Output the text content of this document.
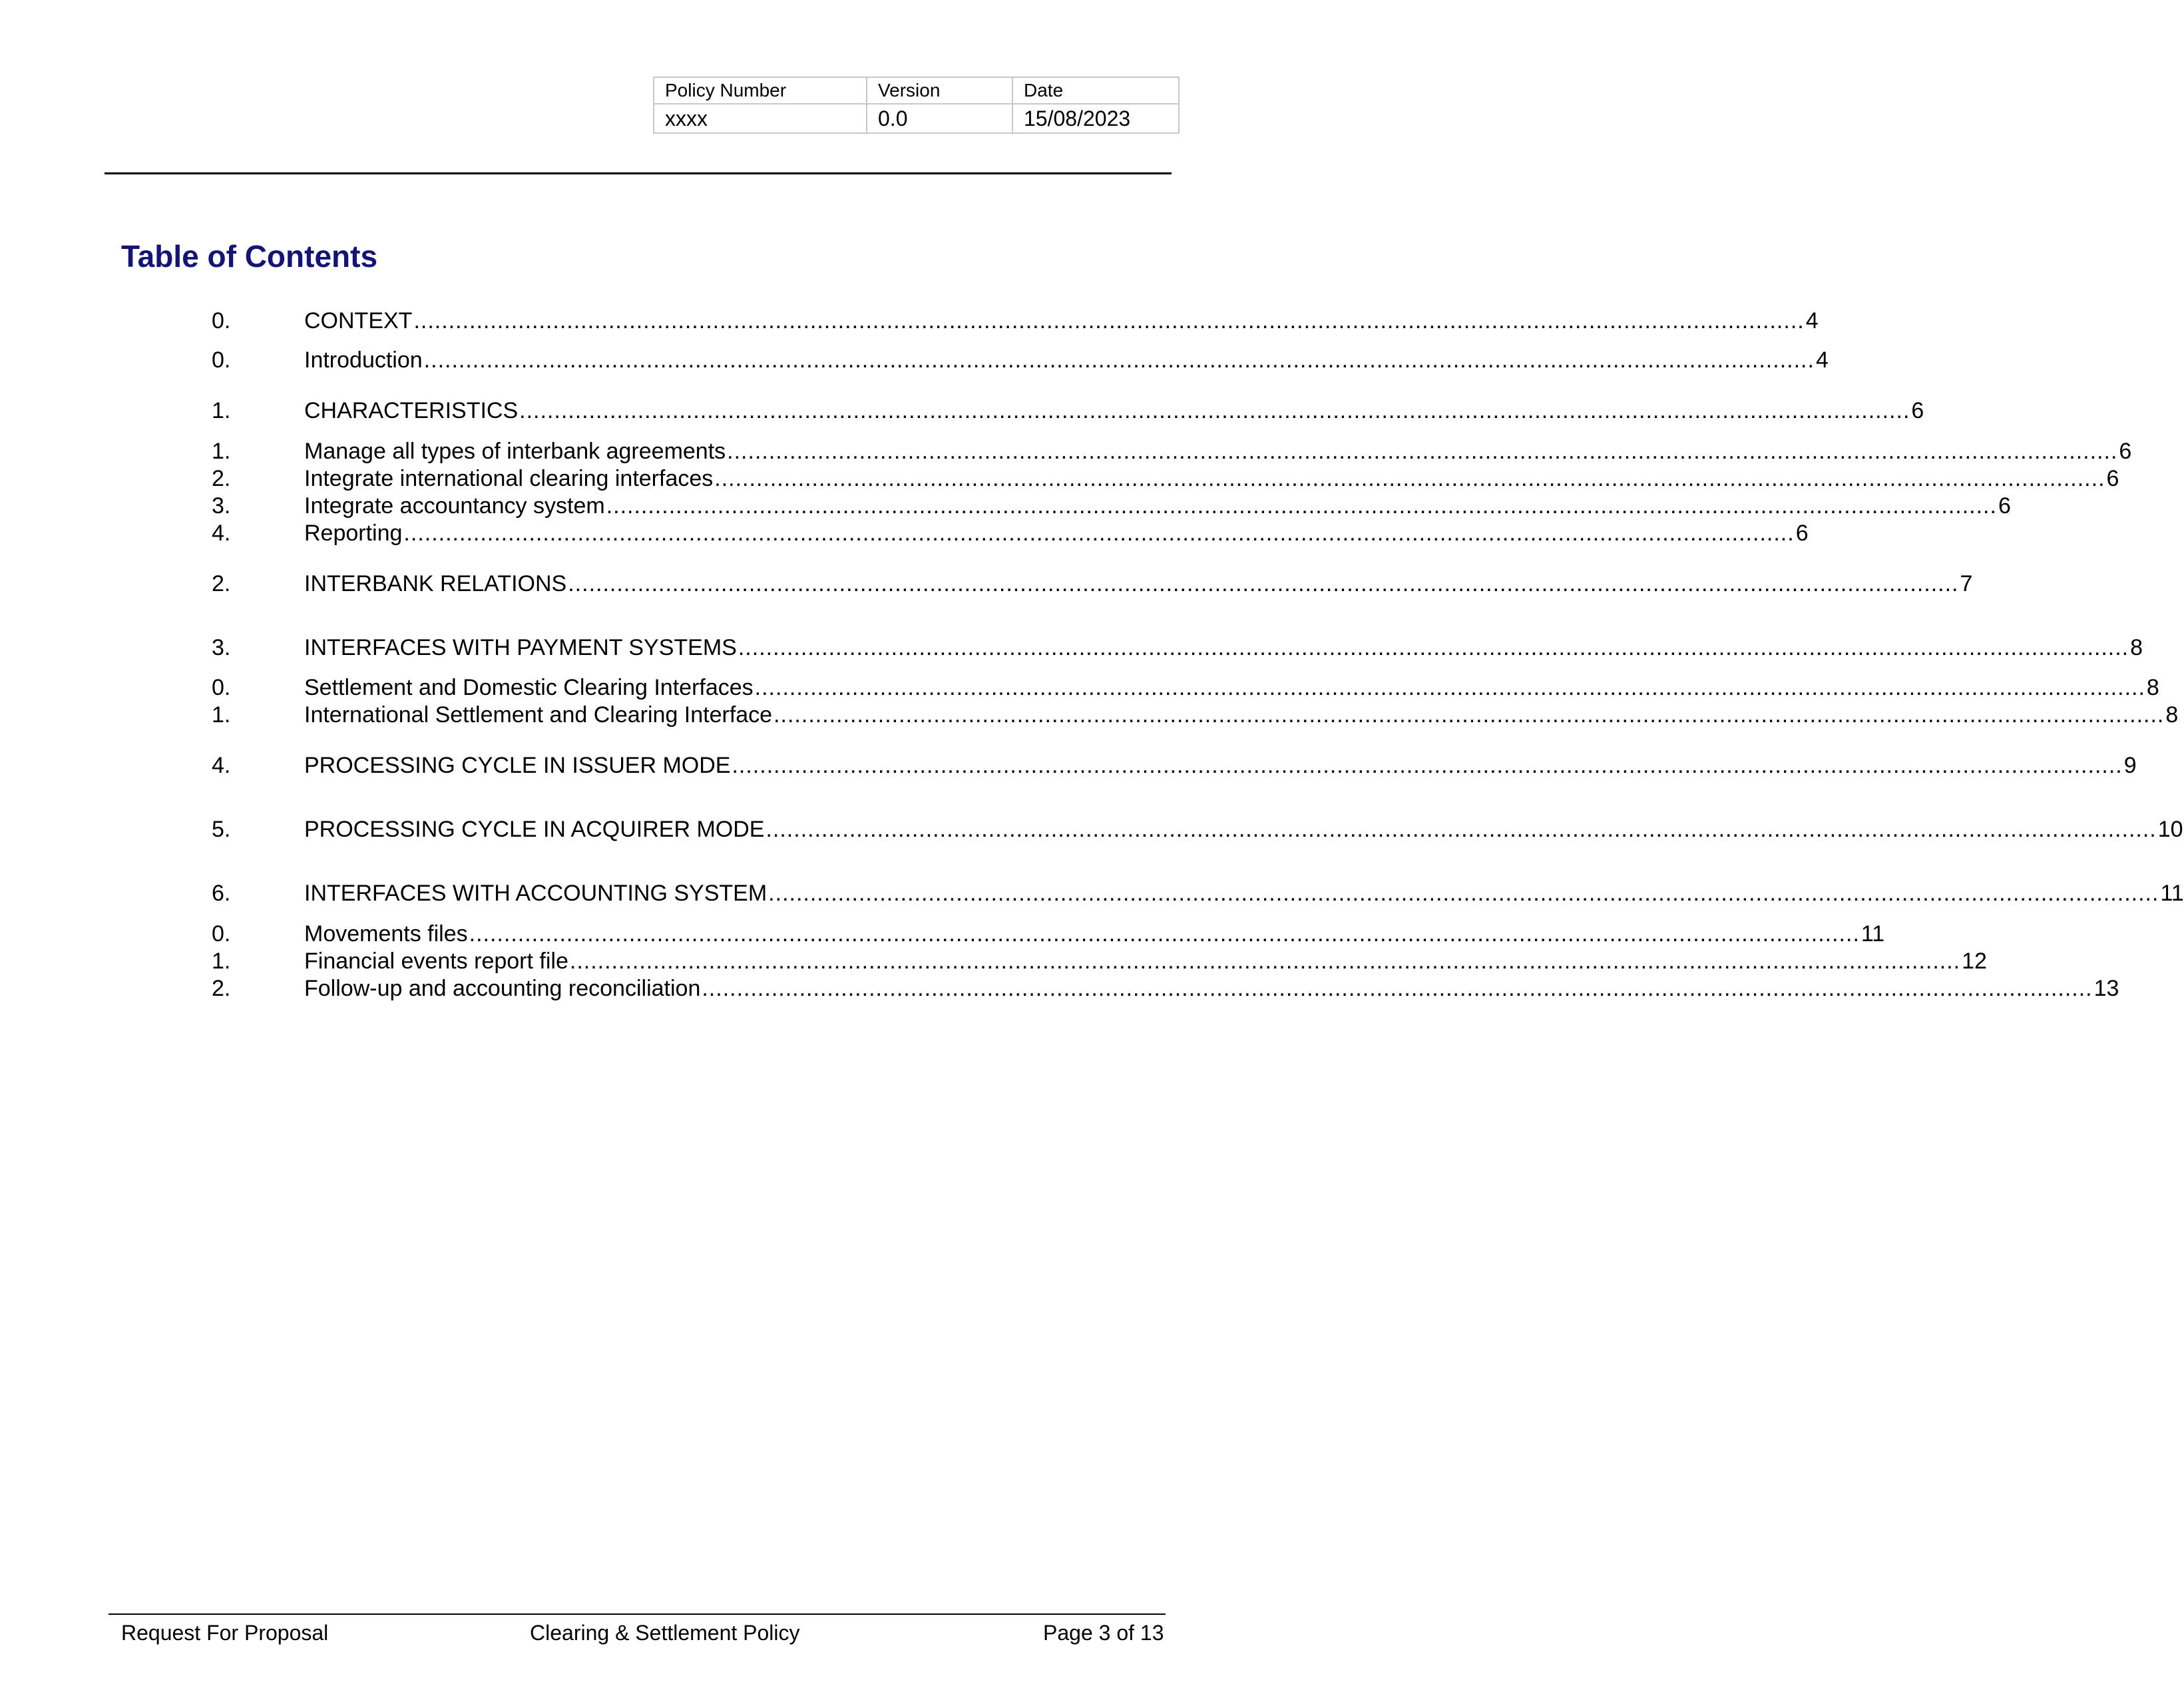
Policy Number	Version	Date
xxxx	0.0	15/08/2023
Table of Contents
0.	CONTEXT ........................................................................................................................................................................................................ 4
0.	Introduction ........................................................................................................................................................................................................ 4
1.	CHARACTERISTICS ........................................................................................................................................................................................................ 6
1.	Manage all types of interbank agreements ........................................................................................................................................................................................................ 6
2.	Integrate international clearing interfaces ........................................................................................................................................................................................................ 6
3.	Integrate accountancy system ........................................................................................................................................................................................................ 6
4.	Reporting ........................................................................................................................................................................................................ 6
2.	INTERBANK RELATIONS ........................................................................................................................................................................................................ 7
3.	INTERFACES WITH PAYMENT SYSTEMS ........................................................................................................................................................................................................ 8
0.	Settlement and Domestic Clearing Interfaces ........................................................................................................................................................................................................ 8
1.	International Settlement and Clearing Interface ........................................................................................................................................................................................................ 8
4.	PROCESSING CYCLE IN ISSUER MODE ........................................................................................................................................................................................................ 9
5.	PROCESSING CYCLE IN ACQUIRER MODE ........................................................................................................................................................................................................ 10
6.	INTERFACES WITH ACCOUNTING SYSTEM ........................................................................................................................................................................................................ 11
0.	Movements files ........................................................................................................................................................................................................ 11
1.	Financial events report file ........................................................................................................................................................................................................ 12
2.	Follow-up and accounting reconciliation ........................................................................................................................................................................................................ 13
Request For Proposal	Clearing & Settlement Policy	Page 3 of 13
